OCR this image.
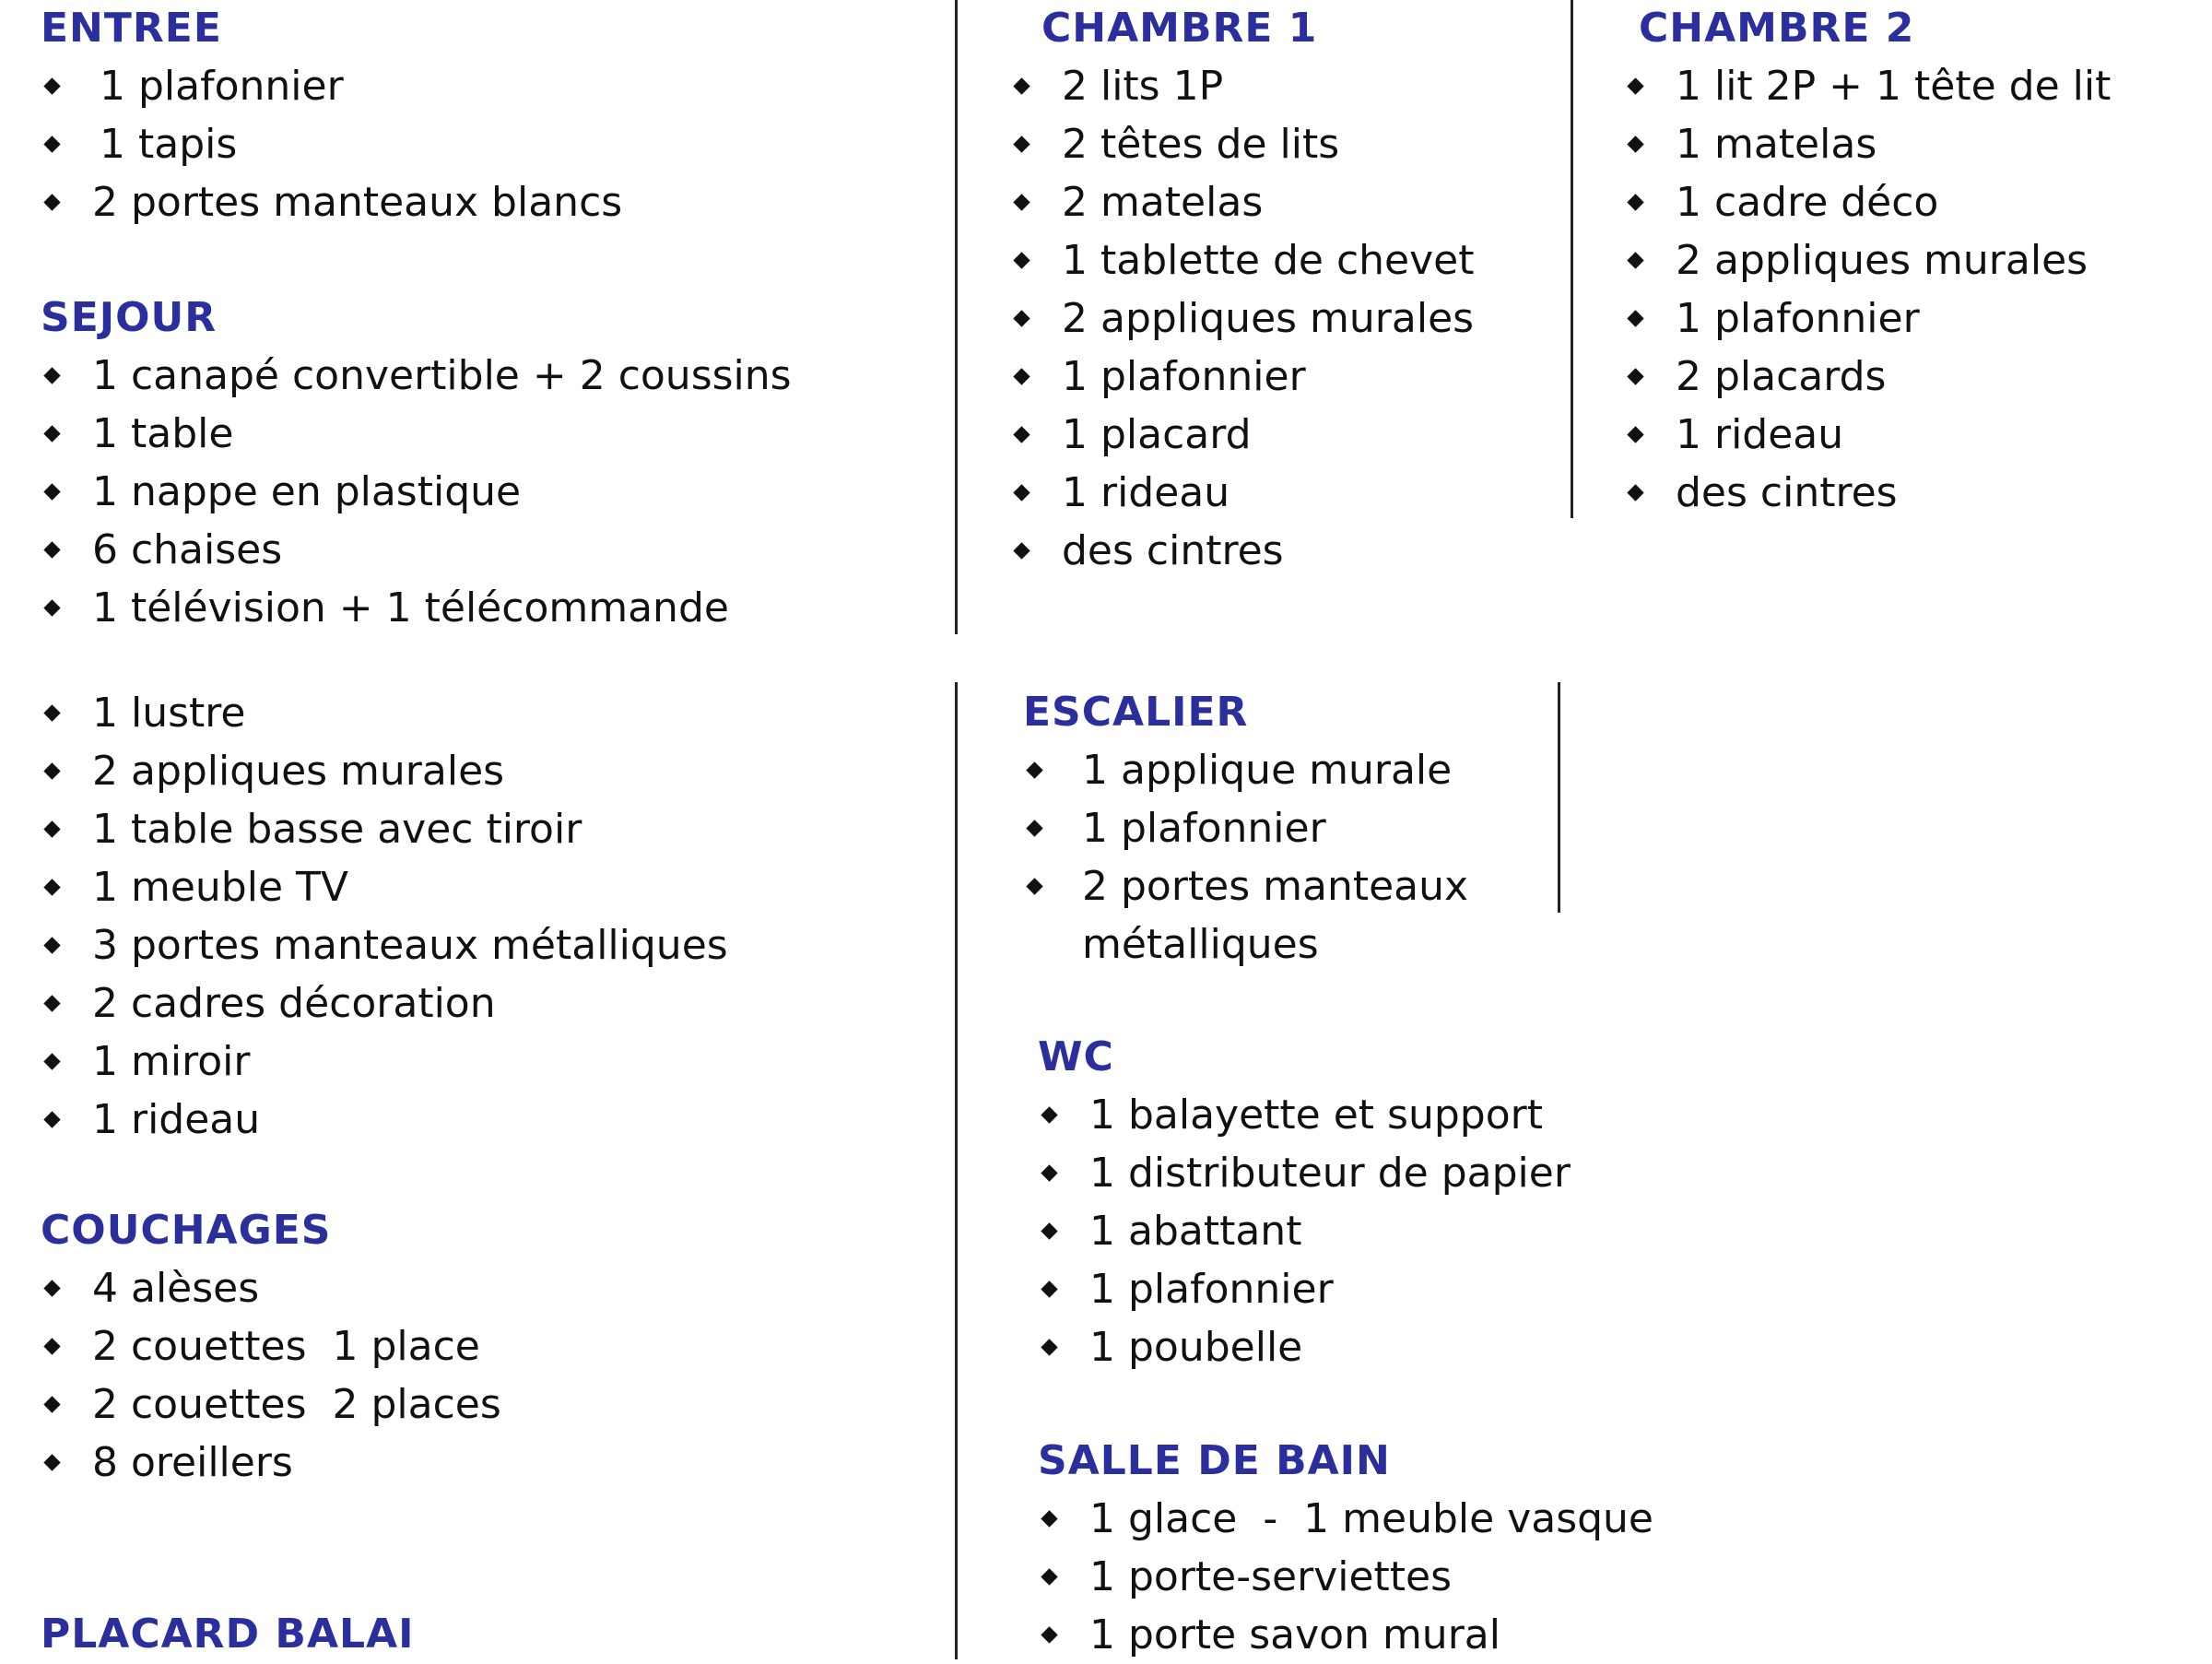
ENTREE
1 plafonnier
1 tapis
2 portes manteaux blancs
SEJOUR
1 canapé convertible + 2 coussins
1 table
1 nappe en plastique
6 chaises
1 télévision + 1 télécommande
1 lustre
2 appliques murales
1 table basse avec tiroir
1 meuble TV
3 portes manteaux métalliques
2 cadres décoration
1 miroir
1 rideau
COUCHAGES
4 alèses
2 couettes  1 place
2 couettes  2 places
8 oreillers
PLACARD BALAI
CHAMBRE 1
2 lits 1P
2 têtes de lits
2 matelas
1 tablette de chevet
2 appliques murales
1 plafonnier
1 placard
1 rideau
des cintres
CHAMBRE 2
1 lit 2P + 1 tête de lit
1 matelas
1 cadre déco
2 appliques murales
1 plafonnier
2 placards
1 rideau
des cintres
ESCALIER
1 applique murale
1 plafonnier
2 portes manteaux métalliques
WC
1 balayette et support
1 distributeur de papier
1 abattant
1 plafonnier
1 poubelle
SALLE DE BAIN
1 glace  -  1 meuble vasque
1 porte-serviettes
1 porte savon mural
